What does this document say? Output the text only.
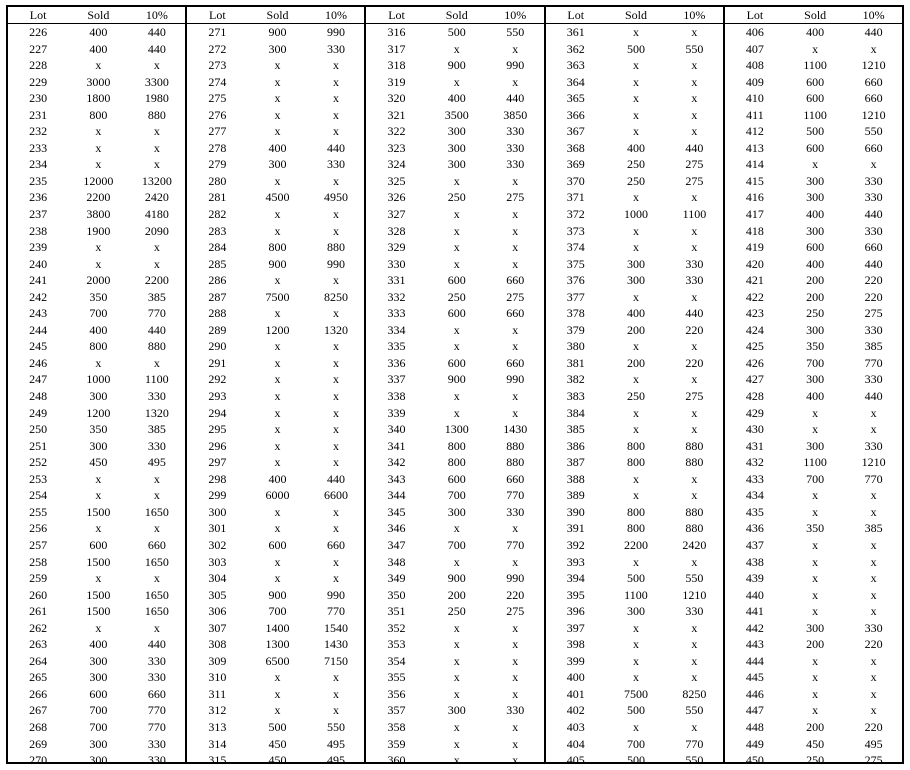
Lot	Sold	10%
226	400	440
227	400	440
228	x	x
229	3000	3300
230	1800	1980
231	800	880
232	x	x
233	x	x
234	x	x
235	12000	13200
236	2200	2420
237	3800	4180
238	1900	2090
239	x	x
240	x	x
241	2000	2200
242	350	385
243	700	770
244	400	440
245	800	880
246	x	x
247	1000	1100
248	300	330
249	1200	1320
250	350	385
251	300	330
252	450	495
253	x	x
254	x	x
255	1500	1650
256	x	x
257	600	660
258	1500	1650
259	x	x
260	1500	1650
261	1500	1650
262	x	x
263	400	440
264	300	330
265	300	330
266	600	660
267	700	770
268	700	770
269	300	330
270	300	330
Lot	Sold	10%
271	900	990
272	300	330
273	x	x
274	x	x
275	x	x
276	x	x
277	x	x
278	400	440
279	300	330
280	x	x
281	4500	4950
282	x	x
283	x	x
284	800	880
285	900	990
286	x	x
287	7500	8250
288	x	x
289	1200	1320
290	x	x
291	x	x
292	x	x
293	x	x
294	x	x
295	x	x
296	x	x
297	x	x
298	400	440
299	6000	6600
300	x	x
301	x	x
302	600	660
303	x	x
304	x	x
305	900	990
306	700	770
307	1400	1540
308	1300	1430
309	6500	7150
310	x	x
311	x	x
312	x	x
313	500	550
314	450	495
315	450	495
Lot	Sold	10%
316	500	550
317	x	x
318	900	990
319	x	x
320	400	440
321	3500	3850
322	300	330
323	300	330
324	300	330
325	x	x
326	250	275
327	x	x
328	x	x
329	x	x
330	x	x
331	600	660
332	250	275
333	600	660
334	x	x
335	x	x
336	600	660
337	900	990
338	x	x
339	x	x
340	1300	1430
341	800	880
342	800	880
343	600	660
344	700	770
345	300	330
346	x	x
347	700	770
348	x	x
349	900	990
350	200	220
351	250	275
352	x	x
353	x	x
354	x	x
355	x	x
356	x	x
357	300	330
358	x	x
359	x	x
360	x	x
Lot	Sold	10%
361	x	x
362	500	550
363	x	x
364	x	x
365	x	x
366	x	x
367	x	x
368	400	440
369	250	275
370	250	275
371	x	x
372	1000	1100
373	x	x
374	x	x
375	300	330
376	300	330
377	x	x
378	400	440
379	200	220
380	x	x
381	200	220
382	x	x
383	250	275
384	x	x
385	x	x
386	800	880
387	800	880
388	x	x
389	x	x
390	800	880
391	800	880
392	2200	2420
393	x	x
394	500	550
395	1100	1210
396	300	330
397	x	x
398	x	x
399	x	x
400	x	x
401	7500	8250
402	500	550
403	x	x
404	700	770
405	500	550
Lot	Sold	10%
406	400	440
407	x	x
408	1100	1210
409	600	660
410	600	660
411	1100	1210
412	500	550
413	600	660
414	x	x
415	300	330
416	300	330
417	400	440
418	300	330
419	600	660
420	400	440
421	200	220
422	200	220
423	250	275
424	300	330
425	350	385
426	700	770
427	300	330
428	400	440
429	x	x
430	x	x
431	300	330
432	1100	1210
433	700	770
434	x	x
435	x	x
436	350	385
437	x	x
438	x	x
439	x	x
440	x	x
441	x	x
442	300	330
443	200	220
444	x	x
445	x	x
446	x	x
447	x	x
448	200	220
449	450	495
450	250	275
